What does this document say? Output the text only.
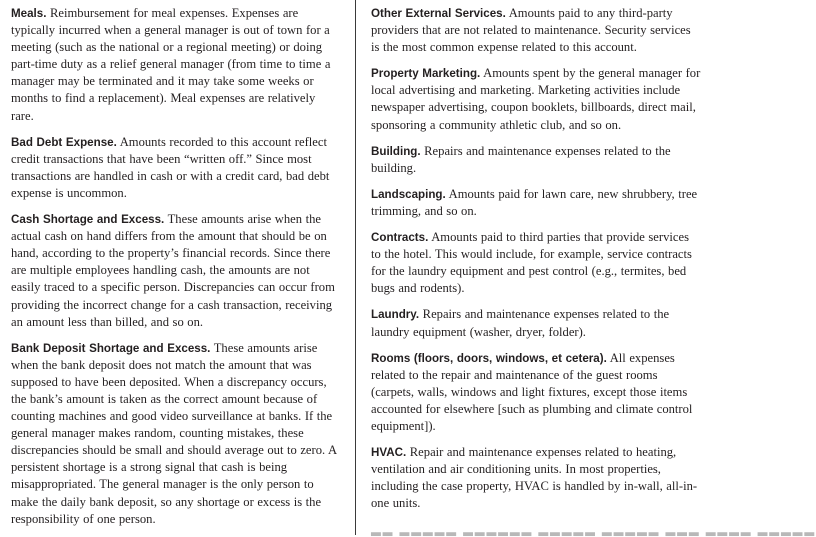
Meals. Reimbursement for meal expenses. Expenses are typically incurred when a general manager is out of town for a meeting (such as the national or a regional meeting) or doing part-time duty as a relief general manager (from time to time a manager may be terminated and it may take some weeks or months to find a replacement). Meal expenses are relatively rare.

Bad Debt Expense. Amounts recorded to this account reflect credit transactions that have been “written off.” Since most transactions are handled in cash or with a credit card, bad debt expense is uncommon.

Cash Shortage and Excess. These amounts arise when the actual cash on hand differs from the amount that should be on hand, according to the property’s financial records. Since there are multiple employees handling cash, the amounts are not easily traced to a specific person. Discrepancies can occur from providing the incorrect change for a cash transaction, receiving an amount less than billed, and so on.

Bank Deposit Shortage and Excess. These amounts arise when the bank deposit does not match the amount that was supposed to have been deposited. When a discrepancy occurs, the bank’s amount is taken as the correct amount because of counting machines and good video surveillance at banks. If the general manager makes random, counting mistakes, these discrepancies should be small and should average out to zero. A persistent shortage is a strong signal that cash is being misappropriated. The general manager is the only person to make the daily bank deposit, so any shortage or excess is the responsibility of one person.

Other External Services. Amounts paid to any third-party providers that are not related to maintenance. Security services is the most common expense related to this account.

Property Marketing. Amounts spent by the general manager for local advertising and marketing. Marketing activities include newspaper advertising, coupon booklets, billboards, direct mail, sponsoring a community athletic club, and so on.

Building. Repairs and maintenance expenses related to the building.

Landscaping. Amounts paid for lawn care, new shrubbery, tree trimming, and so on.

Contracts. Amounts paid to third parties that provide services to the hotel. This would include, for example, service contracts for the laundry equipment and pest control (e.g., termites, bed bugs and rodents).

Laundry. Repairs and maintenance expenses related to the laundry equipment (washer, dryer, folder).

Rooms (floors, doors, windows, et cetera). All expenses related to the repair and maintenance of the guest rooms (carpets, walls, windows and light fixtures, except those items accounted for elsewhere [such as plumbing and climate control equipment]).

HVAC. Repair and maintenance expenses related to heating, ventilation and air conditioning units. In most properties, including the case property, HVAC is handled by in-wall, all-in-one units.

▂▂ ▂▂▂▂▂ ▂▂▂▂▂▂ ▂▂▂▂▂ ▂▂▂▂▂ ▂▂▂ ▂▂▂▂ ▂▂▂▂▂
